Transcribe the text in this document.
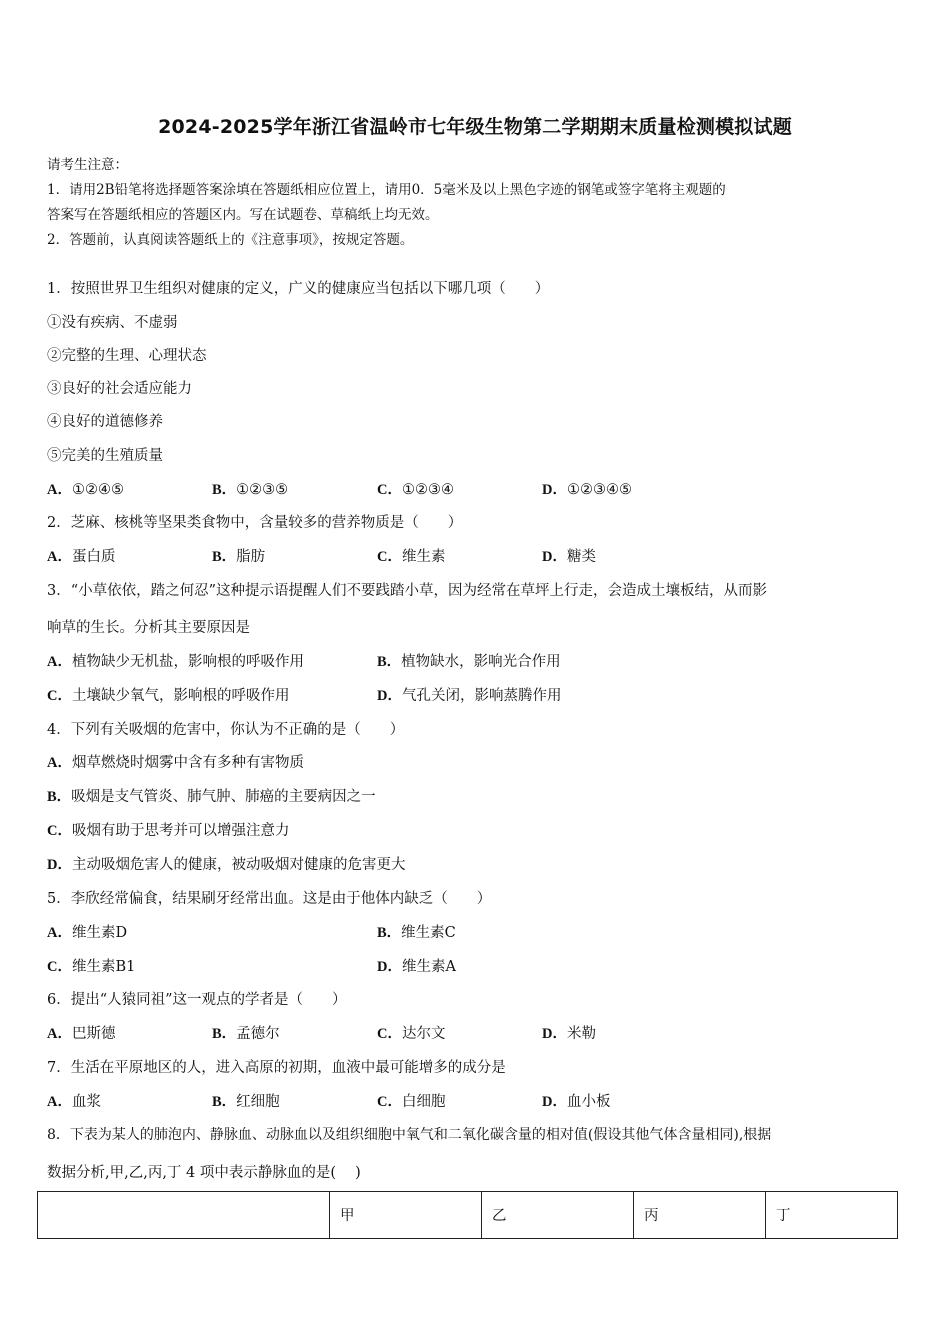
2024-2025学年浙江省温岭市七年级生物第二学期期末质量检测模拟试题
请考生注意：
1．请用2B铅笔将选择题答案涂填在答题纸相应位置上，请用0．5毫米及以上黑色字迹的钢笔或签字笔将主观题的
答案写在答题纸相应的答题区内。写在试题卷、草稿纸上均无效。
2．答题前，认真阅读答题纸上的《注意事项》，按规定答题。
1．按照世界卫生组织对健康的定义，广义的健康应当包括以下哪几项（　　）
①没有疾病、不虚弱
②完整的生理、心理状态
③良好的社会适应能力
④良好的道德修养
⑤完美的生殖质量
A．①②④⑤	B．①②③⑤	C．①②③④	D．①②③④⑤
2．芝麻、核桃等坚果类食物中，含量较多的营养物质是（　　）
A．蛋白质	B．脂肪	C．维生素	D．糖类
3．“小草依依，踏之何忍”这种提示语提醒人们不要践踏小草，因为经常在草坪上行走，会造成土壤板结，从而影
响草的生长。分析其主要原因是
A．植物缺少无机盐，影响根的呼吸作用	B．植物缺水，影响光合作用
C．土壤缺少氧气，影响根的呼吸作用	D．气孔关闭，影响蒸腾作用
4．下列有关吸烟的危害中，你认为不正确的是（　　）
A．烟草燃烧时烟雾中含有多种有害物质
B．吸烟是支气管炎、肺气肿、肺癌的主要病因之一
C．吸烟有助于思考并可以增强注意力
D．主动吸烟危害人的健康，被动吸烟对健康的危害更大
5．李欣经常偏食，结果刷牙经常出血。这是由于他体内缺乏（　　）
A．维生素D	B．维生素C
C．维生素B1	D．维生素A
6．提出“人猿同祖”这一观点的学者是（　　）
A．巴斯德	B．孟德尔	C．达尔文	D．米勒
7．生活在平原地区的人，进入高原的初期，血液中最可能增多的成分是
A．血浆	B．红细胞	C．白细胞	D．血小板
8．下表为某人的肺泡内、静脉血、动脉血以及组织细胞中氧气和二氧化碳含量的相对值(假设其他气体含量相同),根据
数据分析,甲,乙,丙,丁 4 项中表示静脉血的是(　 )
	甲	乙	丙	丁
